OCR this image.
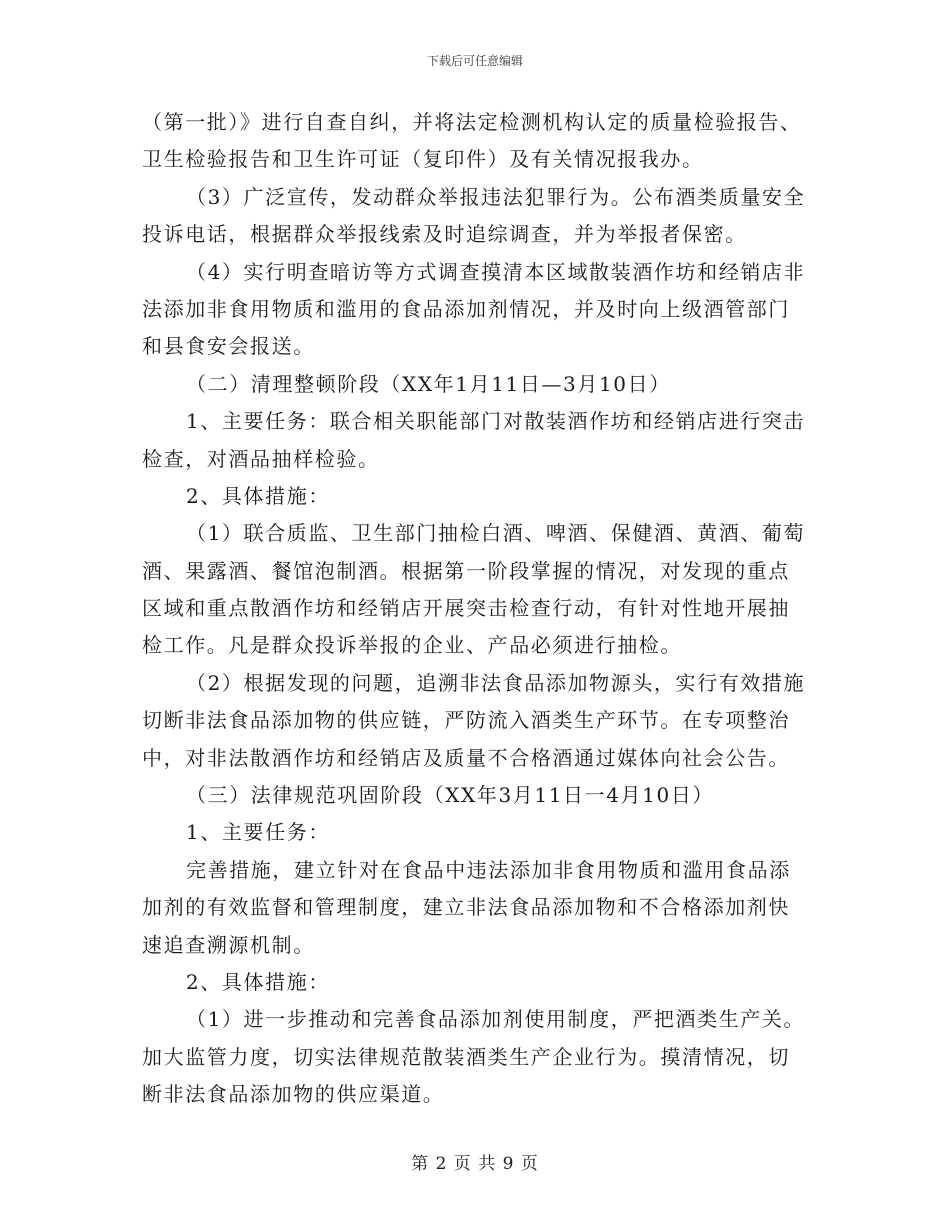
下载后可任意编辑
（第一批）》进行自查自纠，并将法定检测机构认定的质量检验报告、
卫生检验报告和卫生许可证（复印件）及有关情况报我办。
（3）广泛宣传，发动群众举报违法犯罪行为。公布酒类质量安全
投诉电话，根据群众举报线索及时追综调查，并为举报者保密。
（4）实行明查暗访等方式调查摸清本区域散装酒作坊和经销店非
法添加非食用物质和滥用的食品添加剂情况，并及时向上级酒管部门
和县食安会报送。
（二）清理整顿阶段（XX年1月11日—3月10日）
1、主要任务：联合相关职能部门对散装酒作坊和经销店进行突击
检查，对酒品抽样检验。
2、具体措施：
（1）联合质监、卫生部门抽检白酒、啤酒、保健酒、黄酒、葡萄
酒、果露酒、餐馆泡制酒。根据第一阶段掌握的情况，对发现的重点
区域和重点散酒作坊和经销店开展突击检查行动，有针对性地开展抽
检工作。凡是群众投诉举报的企业、产品必须进行抽检。
（2）根据发现的问题，追溯非法食品添加物源头，实行有效措施
切断非法食品添加物的供应链，严防流入酒类生产环节。在专项整治
中，对非法散酒作坊和经销店及质量不合格酒通过媒体向社会公告。
（三）法律规范巩固阶段（XX年3月11日一4月10日）
1、主要任务：
完善措施，建立针对在食品中违法添加非食用物质和滥用食品添
加剂的有效监督和管理制度，建立非法食品添加物和不合格添加剂快
速追查溯源机制。
2、具体措施：
（1）进一步推动和完善食品添加剂使用制度，严把酒类生产关。
加大监管力度，切实法律规范散装酒类生产企业行为。摸清情况，切
断非法食品添加物的供应渠道。
第 2 页 共 9 页
